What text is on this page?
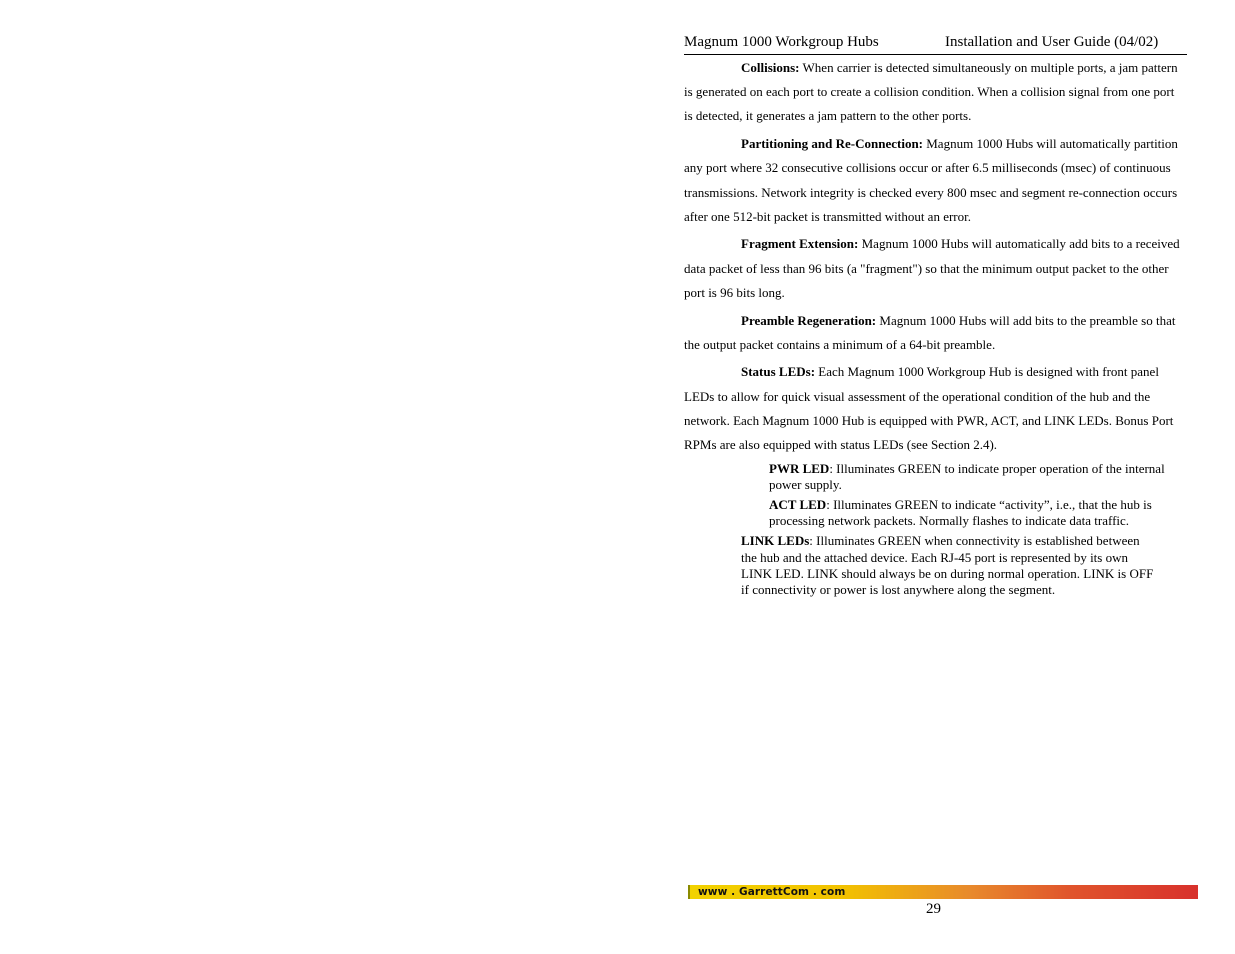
Magnum 1000 Workgroup Hubs	Installation and User Guide (04/02)

Collisions: When carrier is detected simultaneously on multiple ports, a jam pattern is generated on each port to create a collision condition. When a collision signal from one port is detected, it generates a jam pattern to the other ports.

Partitioning and Re-Connection: Magnum 1000 Hubs will automatically partition any port where 32 consecutive collisions occur or after 6.5 milliseconds (msec) of continuous transmissions. Network integrity is checked every 800 msec and segment re-connection occurs after one 512-bit packet is transmitted without an error.

Fragment Extension: Magnum 1000 Hubs will automatically add bits to a received data packet of less than 96 bits (a "fragment") so that the minimum output packet to the other port is 96 bits long.

Preamble Regeneration: Magnum 1000 Hubs will add bits to the preamble so that the output packet contains a minimum of a 64-bit preamble.

Status LEDs: Each Magnum 1000 Workgroup Hub is designed with front panel LEDs to allow for quick visual assessment of the operational condition of the hub and the network. Each Magnum 1000 Hub is equipped with PWR, ACT, and LINK LEDs. Bonus Port RPMs are also equipped with status LEDs (see Section 2.4).

PWR LED: Illuminates GREEN to indicate proper operation of the internal power supply.

ACT LED: Illuminates GREEN to indicate “activity”, i.e., that the hub is processing network packets. Normally flashes to indicate data traffic.

LINK LEDs: Illuminates GREEN when connectivity is established between the hub and the attached device. Each RJ-45 port is represented by its own LINK LED. LINK should always be on during normal operation. LINK is OFF if connectivity or power is lost anywhere along the segment.

www . GarrettCom . com
29
